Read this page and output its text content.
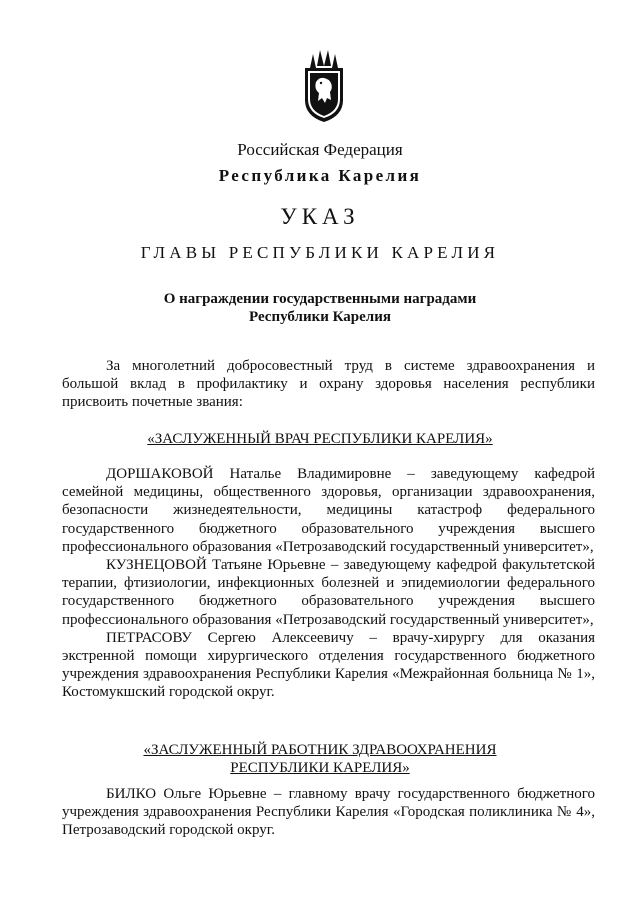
Российская Федерация
Республика Карелия
УКАЗ
ГЛАВЫ РЕСПУБЛИКИ КАРЕЛИЯ
О награждении государственными наградами
Республики Карелия
За многолетний добросовестный труд в системе здравоохранения и большой вклад в профилактику и охрану здоровья населения республики присвоить почетные звания:
«ЗАСЛУЖЕННЫЙ ВРАЧ РЕСПУБЛИКИ КАРЕЛИЯ»

ДОРШАКОВОЙ Наталье Владимировне – заведующему кафедрой семейной медицины, общественного здоровья, организации здравоохранения, безопасности жизнедеятельности, медицины катастроф федерального государственного бюджетного образовательного учреждения высшего профессионального образования «Петрозаводский государственный университет»,

КУЗНЕЦОВОЙ Татьяне Юрьевне – заведующему кафедрой факультетской терапии, фтизиологии, инфекционных болезней и эпидемиологии федерального государственного бюджетного образовательного учреждения высшего профессионального образования «Петрозаводский государственный университет»,

ПЕТРАСОВУ Сергею Алексеевичу – врачу-хирургу для оказания экстренной помощи хирургического отделения государственного бюджетного учреждения здравоохранения Республики Карелия «Межрайонная больница № 1», Костомукшский городской округ.

«ЗАСЛУЖЕННЫЙ РАБОТНИК ЗДРАВООХРАНЕНИЯ
РЕСПУБЛИКИ КАРЕЛИЯ»

БИЛКО Ольге Юрьевне – главному врачу государственного бюджетного учреждения здравоохранения Республики Карелия «Городская поликлиника № 4», Петрозаводский городской округ.
